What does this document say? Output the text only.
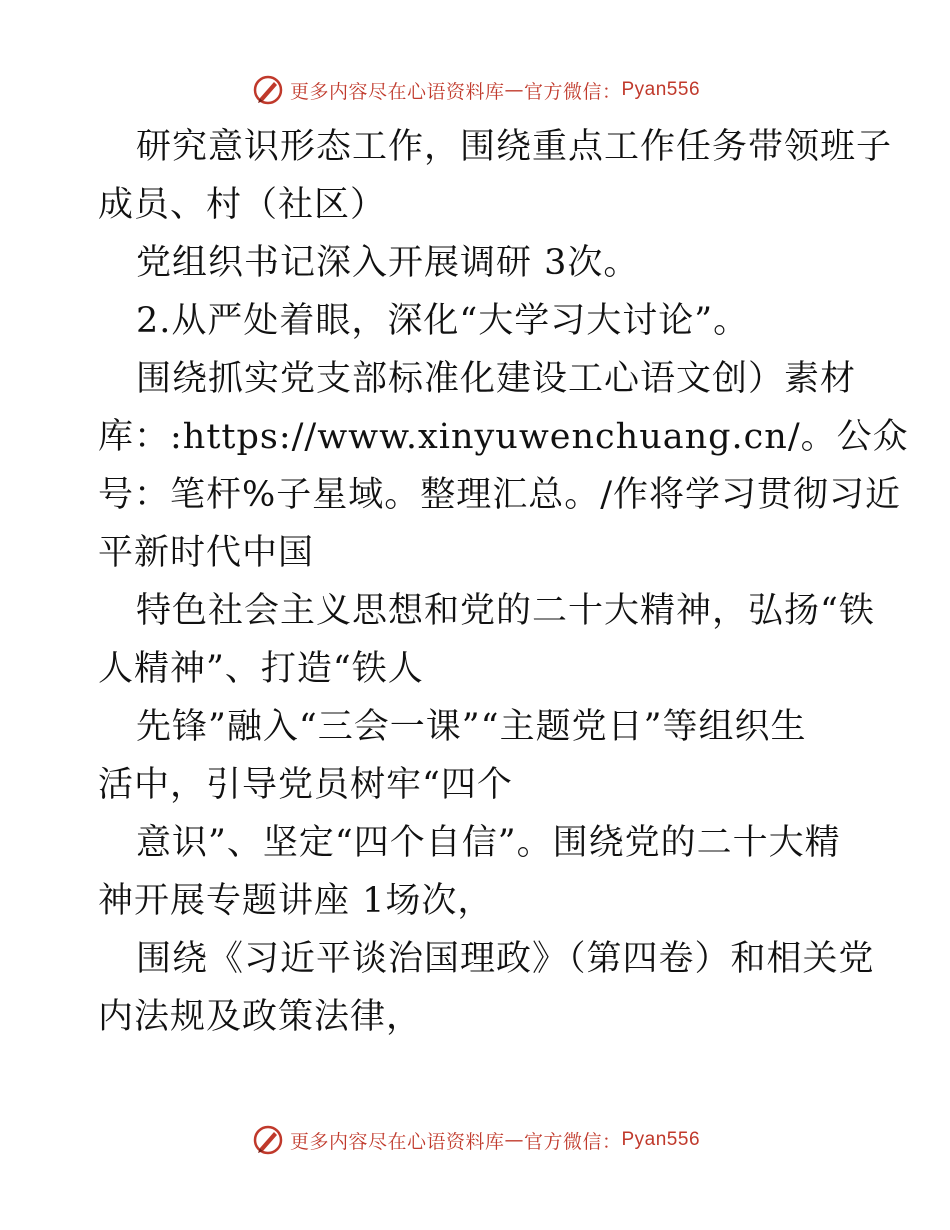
更多内容尽在心语资料库 — 官方微信： Pyan556
研究意识形态工作，围绕重点工作任务带领班子
成员、村（社区）
党组织书记深入开展调研 3次。
2.从严处着眼，深化“大学习大讨论”。
围绕抓实党支部标准化建设工心语文创）素材
库：:https://www.xinyuwenchuang.cn/。公众
号：笔杆%子星域。整理汇总。/作将学习贯彻习近
平新时代中国
特色社会主义思想和党的二十大精神，弘扬“铁
人精神”、打造“铁人
先锋”融入“三会一课”“主题党日”等组织生
活中，引导党员树牢“四个
意识”、坚定“四个自信”。围绕党的二十大精
神开展专题讲座 1场次，
围绕《习近平谈治国理政》（第四卷）和相关党
内法规及政策法律，
更多内容尽在心语资料库 — 官方微信： Pyan556
